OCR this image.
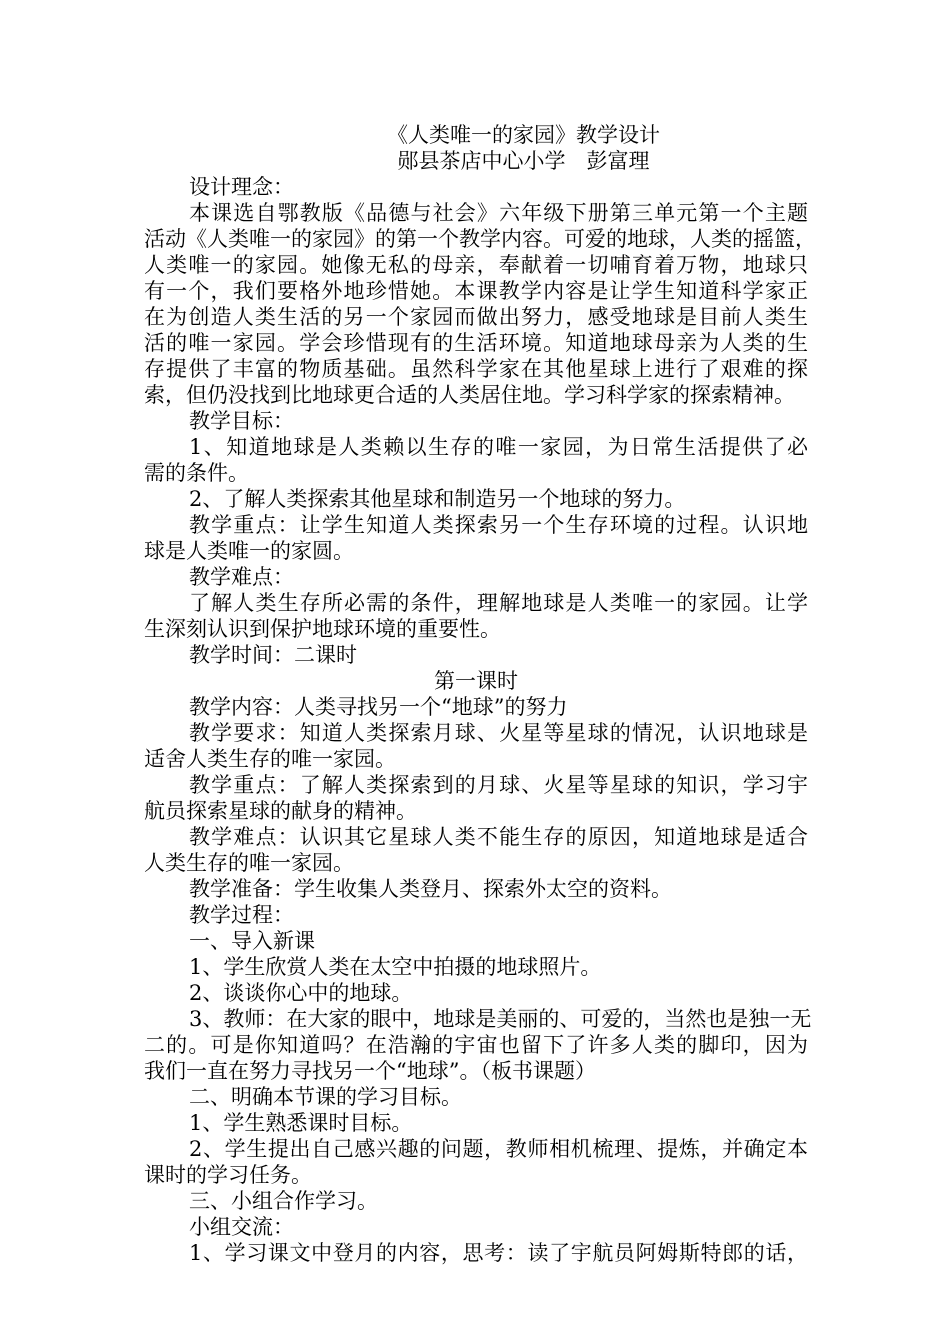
《人类唯一的家园》教学设计
郧县茶店中心小学　彭富理
设计理念：
本课选自鄂教版《品德与社会》六年级下册第三单元第一个主题
活动《人类唯一的家园》的第一个教学内容。可爱的地球，人类的摇篮，
人类唯一的家园。她像无私的母亲，奉献着一切哺育着万物，地球只
有一个，我们要格外地珍惜她。本课教学内容是让学生知道科学家正
在为创造人类生活的另一个家园而做出努力，感受地球是目前人类生
活的唯一家园。学会珍惜现有的生活环境。知道地球母亲为人类的生
存提供了丰富的物质基础。虽然科学家在其他星球上进行了艰难的探
索，但仍没找到比地球更合适的人类居住地。学习科学家的探索精神。
教学目标：
1、知道地球是人类赖以生存的唯一家园，为日常生活提供了必
需的条件。
2、了解人类探索其他星球和制造另一个地球的努力。
教学重点：让学生知道人类探索另一个生存环境的过程。认识地
球是人类唯一的家圆。
教学难点：
了解人类生存所必需的条件，理解地球是人类唯一的家园。让学
生深刻认识到保护地球环境的重要性。
教学时间：二课时
第一课时
教学内容：人类寻找另一个“地球”的努力
教学要求：知道人类探索月球、火星等星球的情况，认识地球是
适舍人类生存的唯一家园。
教学重点：了解人类探索到的月球、火星等星球的知识，学习宇
航员探索星球的献身的精神。
教学难点：认识其它星球人类不能生存的原因，知道地球是适合
人类生存的唯一家园。
教学准备：学生收集人类登月、探索外太空的资料。
教学过程：
一、导入新课
1、学生欣赏人类在太空中拍摄的地球照片。
2、谈谈你心中的地球。
3、教师：在大家的眼中，地球是美丽的、可爱的，当然也是独一无
二的。可是你知道吗？在浩瀚的宇宙也留下了许多人类的脚印，因为
我们一直在努力寻找另一个“地球”。（板书课题）
二、明确本节课的学习目标。
1、学生熟悉课时目标。
2、学生提出自己感兴趣的问题，教师相机梳理、提炼，并确定本
课时的学习任务。
三、小组合作学习。
小组交流：
1、学习课文中登月的内容，思考：读了宇航员阿姆斯特郎的话，
